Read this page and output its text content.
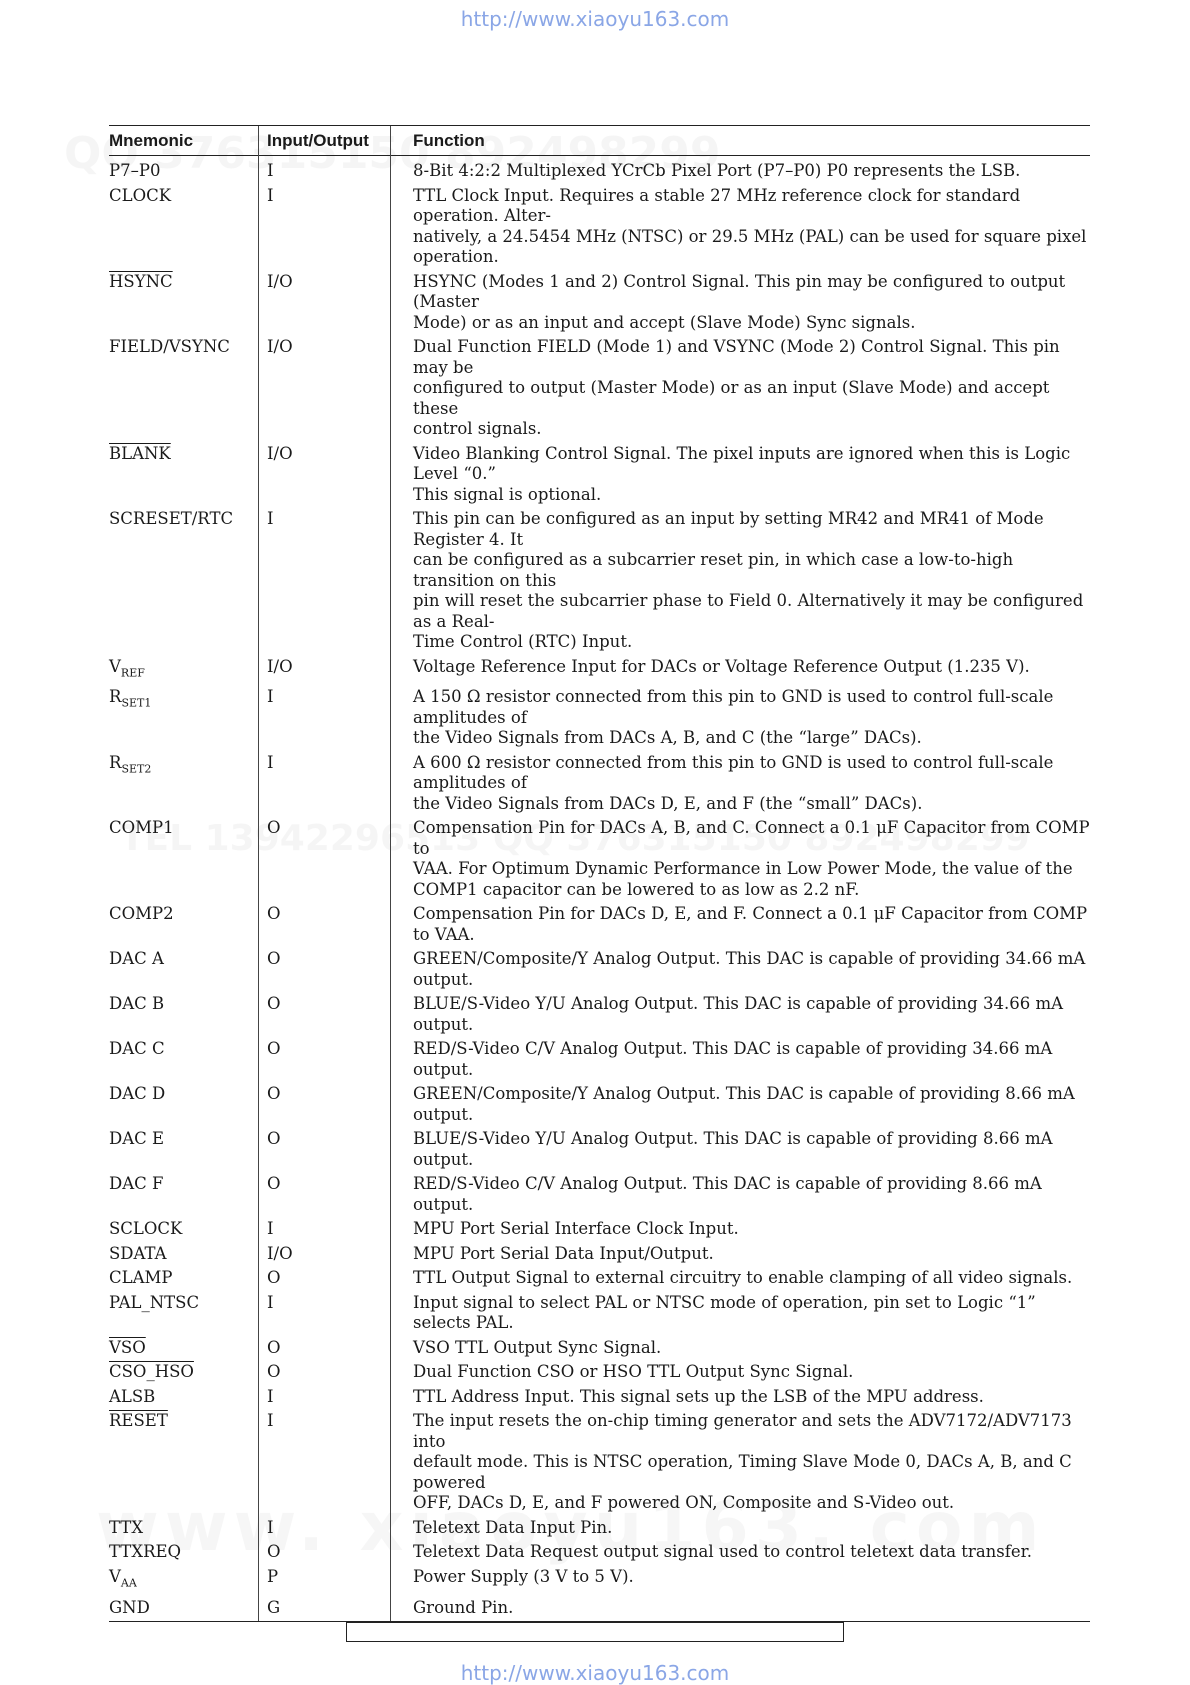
http://www.xiaoyu163.com
Mnemonic	Input/Output	Function
P7–P0	I	8-Bit 4:2:2 Multiplexed YCrCb Pixel Port (P7–P0) P0 represents the LSB.
CLOCK	I	TTL Clock Input. Requires a stable 27 MHz reference clock for standard operation. Alter-
natively, a 24.5454 MHz (NTSC) or 29.5 MHz (PAL) can be used for square pixel operation.
HSYNC	I/O	HSYNC (Modes 1 and 2) Control Signal. This pin may be configured to output (Master
Mode) or as an input and accept (Slave Mode) Sync signals.
FIELD/VSYNC	I/O	Dual Function FIELD (Mode 1) and VSYNC (Mode 2) Control Signal. This pin may be
configured to output (Master Mode) or as an input (Slave Mode) and accept these
control signals.
BLANK	I/O	Video Blanking Control Signal. The pixel inputs are ignored when this is Logic Level “0.”
This signal is optional.
SCRESET/RTC	I	This pin can be configured as an input by setting MR42 and MR41 of Mode Register 4. It
can be configured as a subcarrier reset pin, in which case a low-to-high transition on this
pin will reset the subcarrier phase to Field 0. Alternatively it may be configured as a Real-
Time Control (RTC) Input.
$V_{REF}$	I/O	Voltage Reference Input for DACs or Voltage Reference Output (1.235 V).
$R_{SET1}$	I	A 150 Ω resistor connected from this pin to GND is used to control full-scale amplitudes of
the Video Signals from DACs A, B, and C (the “large” DACs).
$R_{SET2}$	I	A 600 Ω resistor connected from this pin to GND is used to control full-scale amplitudes of
the Video Signals from DACs D, E, and F (the “small” DACs).
COMP1	O	Compensation Pin for DACs A, B, and C. Connect a 0.1 μF Capacitor from COMP to
VAA. For Optimum Dynamic Performance in Low Power Mode, the value of the
COMP1 capacitor can be lowered to as low as 2.2 nF.
COMP2	O	Compensation Pin for DACs D, E, and F. Connect a 0.1 μF Capacitor from COMP to VAA.
DAC A	O	GREEN/Composite/Y Analog Output. This DAC is capable of providing 34.66 mA output.
DAC B	O	BLUE/S-Video Y/U Analog Output. This DAC is capable of providing 34.66 mA output.
DAC C	O	RED/S-Video C/V Analog Output. This DAC is capable of providing 34.66 mA output.
DAC D	O	GREEN/Composite/Y Analog Output. This DAC is capable of providing 8.66 mA output.
DAC E	O	BLUE/S-Video Y/U Analog Output. This DAC is capable of providing 8.66 mA output.
DAC F	O	RED/S-Video C/V Analog Output. This DAC is capable of providing 8.66 mA output.
SCLOCK	I	MPU Port Serial Interface Clock Input.
SDATA	I/O	MPU Port Serial Data Input/Output.
CLAMP	O	TTL Output Signal to external circuitry to enable clamping of all video signals.
PAL_NTSC	I	Input signal to select PAL or NTSC mode of operation, pin set to Logic “1” selects PAL.
$\overline{VSO}$	O	VSO TTL Output Sync Signal.
CSO_HSO	O	Dual Function CSO or HSO TTL Output Sync Signal.
ALSB	I	TTL Address Input. This signal sets up the LSB of the MPU address.
RESET	I	The input resets the on-chip timing generator and sets the ADV7172/ADV7173 into
default mode. This is NTSC operation, Timing Slave Mode 0, DACs A, B, and C powered
OFF, DACs D, E, and F powered ON, Composite and S-Video out.
TTX	I	Teletext Data Input Pin.
TTXREQ	O	Teletext Data Request output signal used to control teletext data transfer.
$V_{AA}$	P	Power Supply (3 V to 5 V).
GND	G	Ground Pin.
http://www.xiaoyu163.com
